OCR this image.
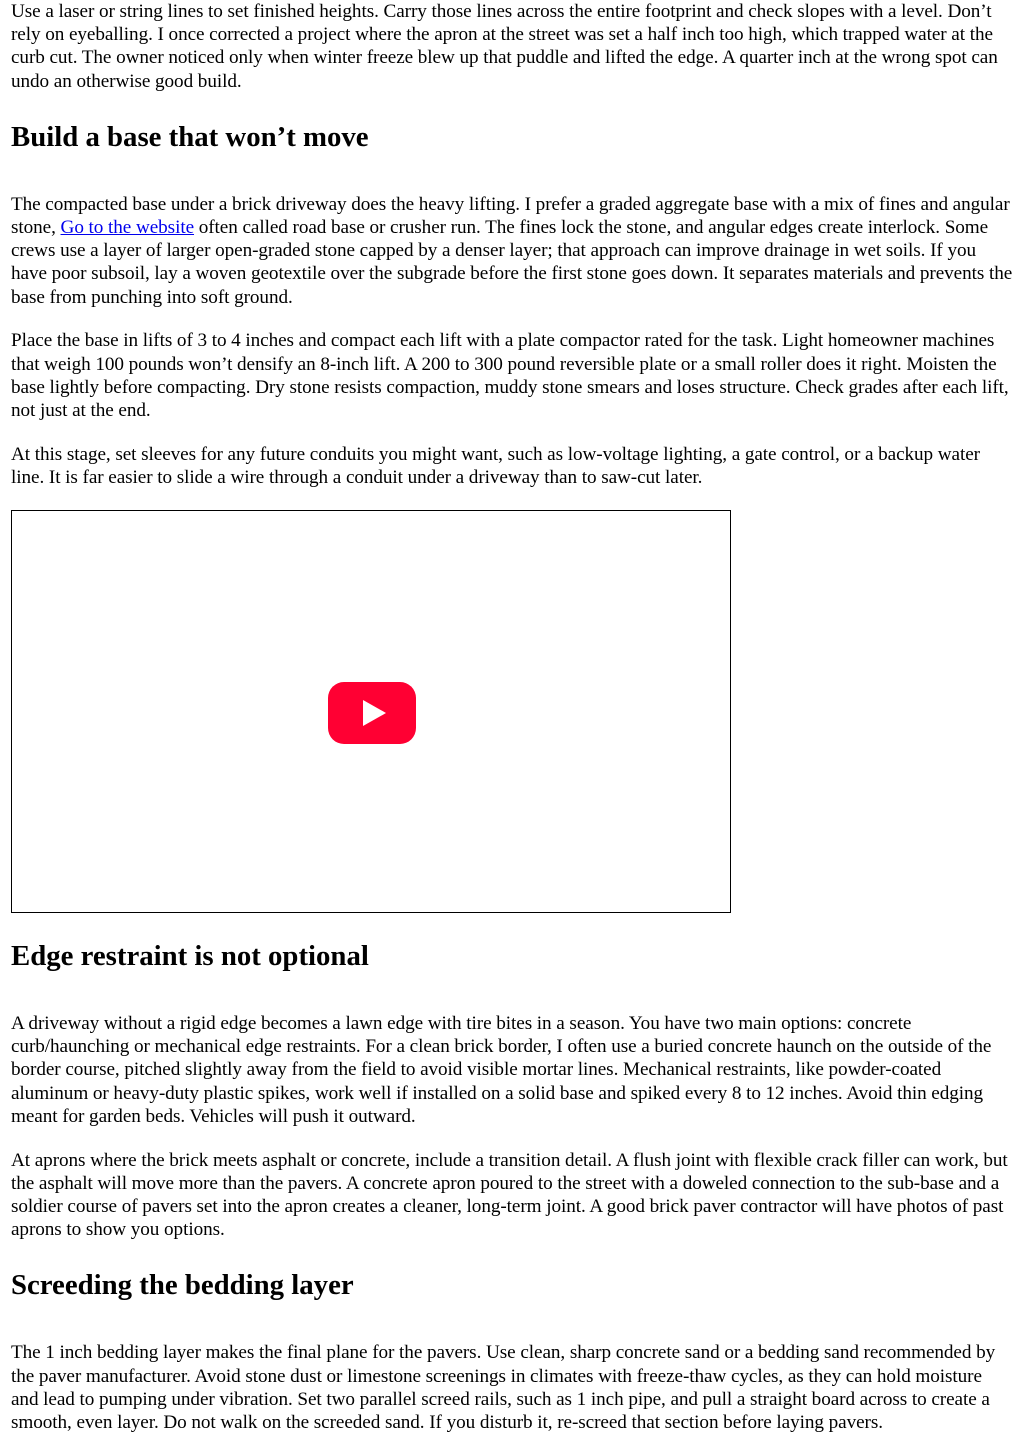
Use a laser or string lines to set finished heights. Carry those lines across the entire footprint and check slopes with a level. Don’t rely on eyeballing. I once corrected a project where the apron at the street was set a half inch too high, which trapped water at the curb cut. The owner noticed only when winter freeze blew up that puddle and lifted the edge. A quarter inch at the wrong spot can undo an otherwise good build.

Build a base that won’t move

The compacted base under a brick driveway does the heavy lifting. I prefer a graded aggregate base with a mix of fines and angular stone, Go to the website often called road base or crusher run. The fines lock the stone, and angular edges create interlock. Some crews use a layer of larger open-graded stone capped by a denser layer; that approach can improve drainage in wet soils. If you have poor subsoil, lay a woven geotextile over the subgrade before the first stone goes down. It separates materials and prevents the base from punching into soft ground.

Place the base in lifts of 3 to 4 inches and compact each lift with a plate compactor rated for the task. Light homeowner machines that weigh 100 pounds won’t densify an 8-inch lift. A 200 to 300 pound reversible plate or a small roller does it right. Moisten the base lightly before compacting. Dry stone resists compaction, muddy stone smears and loses structure. Check grades after each lift, not just at the end.

At this stage, set sleeves for any future conduits you might want, such as low-voltage lighting, a gate control, or a backup water line. It is far easier to slide a wire through a conduit under a driveway than to saw-cut later.

Edge restraint is not optional

A driveway without a rigid edge becomes a lawn edge with tire bites in a season. You have two main options: concrete curb/haunching or mechanical edge restraints. For a clean brick border, I often use a buried concrete haunch on the outside of the border course, pitched slightly away from the field to avoid visible mortar lines. Mechanical restraints, like powder-coated aluminum or heavy-duty plastic spikes, work well if installed on a solid base and spiked every 8 to 12 inches. Avoid thin edging meant for garden beds. Vehicles will push it outward.

At aprons where the brick meets asphalt or concrete, include a transition detail. A flush joint with flexible crack filler can work, but the asphalt will move more than the pavers. A concrete apron poured to the street with a doweled connection to the sub-base and a soldier course of pavers set into the apron creates a cleaner, long-term joint. A good brick paver contractor will have photos of past aprons to show you options.

Screeding the bedding layer

The 1 inch bedding layer makes the final plane for the pavers. Use clean, sharp concrete sand or a bedding sand recommended by the paver manufacturer. Avoid stone dust or limestone screenings in climates with freeze-thaw cycles, as they can hold moisture and lead to pumping under vibration. Set two parallel screed rails, such as 1 inch pipe, and pull a straight board across to create a smooth, even layer. Do not walk on the screeded sand. If you disturb it, re-screed that section before laying pavers.
